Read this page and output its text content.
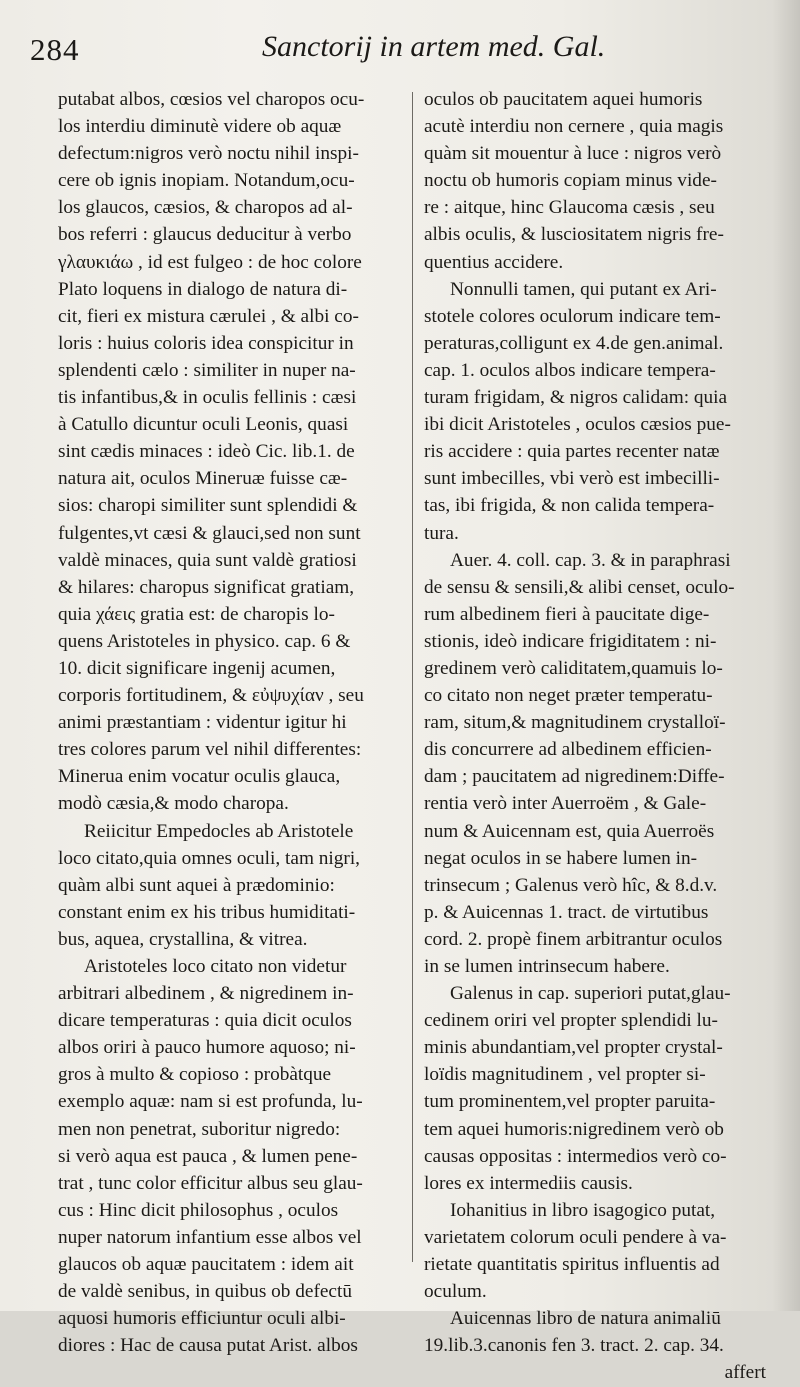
284	Sanctorij in artem med. Gal.
putabat albos, cœsios vel charopos ocu-
los interdiu diminutè videre ob aquæ
defectum:nigros verò noctu nihil inspi-
cere ob ignis inopiam. Notandum,ocu-
los glaucos, cæsios, & charopos ad al-
bos referri : glaucus deducitur à verbo
γλαυκιάω , id est fulgeo : de hoc colore
Plato loquens in dialogo de natura di-
cit, fieri ex mistura cærulei , & albi co-
loris : huius coloris idea conspicitur in
splendenti cælo : similiter in nuper na-
tis infantibus,& in oculis fellinis : cæsi
à Catullo dicuntur oculi Leonis, quasi
sint cædis minaces : ideò Cic. lib.1. de
natura ait, oculos Mineruæ fuisse cæ-
sios: charopi similiter sunt splendidi &
fulgentes,vt cæsi & glauci,sed non sunt
valdè minaces, quia sunt valdè gratiosi
& hilares: charopus significat gratiam,
quia χάεις gratia est: de charopis lo-
quens Aristoteles in physico. cap. 6 &
10. dicit significare ingenij acumen,
corporis fortitudinem, & εὐψυχίαν , seu
animi præstantiam : videntur igitur hi
tres colores parum vel nihil differentes:
Minerua enim vocatur oculis glauca,
modò cæsia,& modo charopa.
Reiicitur Empedocles ab Aristotele
loco citato,quia omnes oculi, tam nigri,
quàm albi sunt aquei à prædominio:
constant enim ex his tribus humiditati-
bus, aquea, crystallina, & vitrea.
Aristoteles loco citato non videtur
arbitrari albedinem , & nigredinem in-
dicare temperaturas : quia dicit oculos
albos oriri à pauco humore aquoso; ni-
gros à multo & copioso : probàtque
exemplo aquæ: nam si est profunda, lu-
men non penetrat, suboritur nigredo:
si verò aqua est pauca , & lumen pene-
trat , tunc color efficitur albus seu glau-
cus : Hinc dicit philosophus , oculos
nuper natorum infantium esse albos vel
glaucos ob aquæ paucitatem : idem ait
de valdè senibus, in quibus ob defectū
aquosi humoris efficiuntur oculi albi-
diores : Hac de causa putat Arist. albos
oculos ob paucitatem aquei humoris
acutè interdiu non cernere , quia magis
quàm sit mouentur à luce : nigros verò
noctu ob humoris copiam minus vide-
re : aitque, hinc Glaucoma cæsis , seu
albis oculis, & lusciositatem nigris fre-
quentius accidere.
Nonnulli tamen, qui putant ex Ari-
stotele colores oculorum indicare tem-
peraturas,colligunt ex 4.de gen.animal.
cap. 1. oculos albos indicare tempera-
turam frigidam, & nigros calidam: quia
ibi dicit Aristoteles , oculos cæsios pue-
ris accidere : quia partes recenter natæ
sunt imbecilles, vbi verò est imbecilli-
tas, ibi frigida, & non calida tempera-
tura.
Auer. 4. coll. cap. 3. & in paraphrasi
de sensu & sensili,& alibi censet, oculo-
rum albedinem fieri à paucitate dige-
stionis, ideò indicare frigiditatem : ni-
gredinem verò caliditatem,quamuis lo-
co citato non neget præter temperatu-
ram, situm,& magnitudinem crystalloï-
dis concurrere ad albedinem efficien-
dam ; paucitatem ad nigredinem:Diffe-
rentia verò inter Auerroëm , & Gale-
num & Auicennam est, quia Auerroës
negat oculos in se habere lumen in-
trinsecum ; Galenus verò hîc, & 8.d.v.
p. & Auicennas 1. tract. de virtutibus
cord. 2. propè finem arbitrantur oculos
in se lumen intrinsecum habere.
Galenus in cap. superiori putat,glau-
cedinem oriri vel propter splendidi lu-
minis abundantiam,vel propter crystal-
loïdis magnitudinem , vel propter si-
tum prominentem,vel propter paruita-
tem aquei humoris:nigredinem verò ob
causas oppositas : intermedios verò co-
lores ex intermediis causis.
Iohanitius in libro isagogico putat,
varietatem colorum oculi pendere à va-
rietate quantitatis spiritus influentis ad
oculum.
Auicennas libro de natura animaliū
19.lib.3.canonis fen 3. tract. 2. cap. 34.
affert
